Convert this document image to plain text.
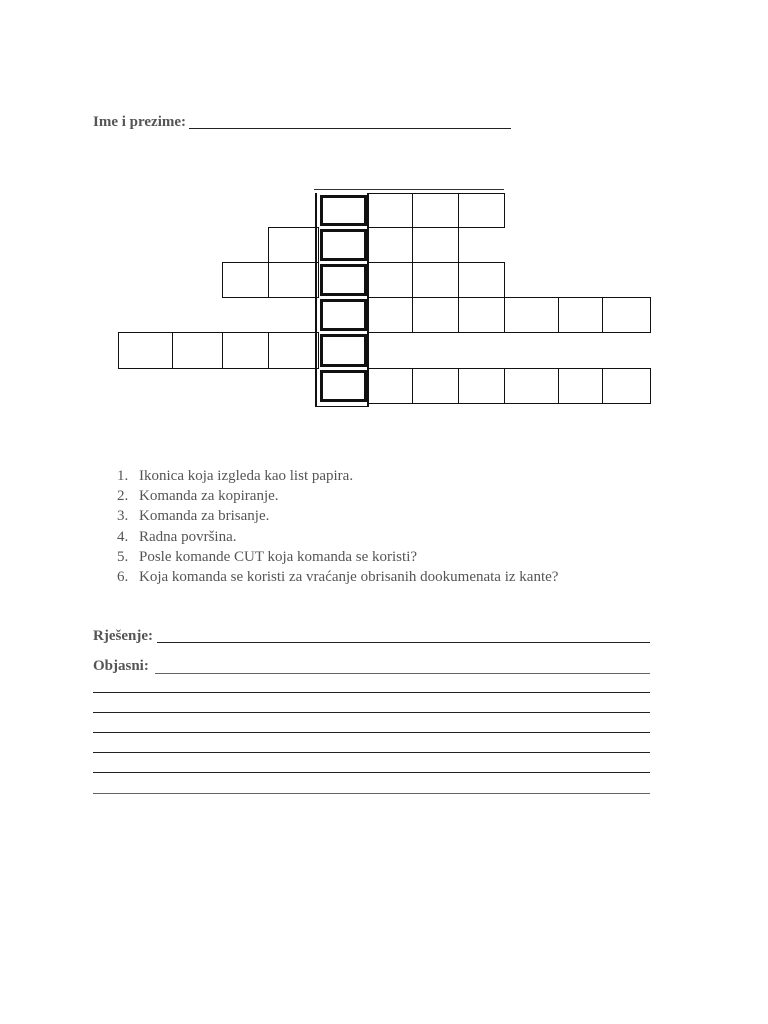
Ime i prezime:
1. Ikonica koja izgleda kao list papira.
2. Komanda za kopiranje.
3. Komanda za brisanje.
4. Radna površina.
5. Posle komande CUT koja komanda se koristi?
6. Koja komanda se koristi za vraćanje obrisanih dookumenata iz kante?
Rješenje:
Objasni:
